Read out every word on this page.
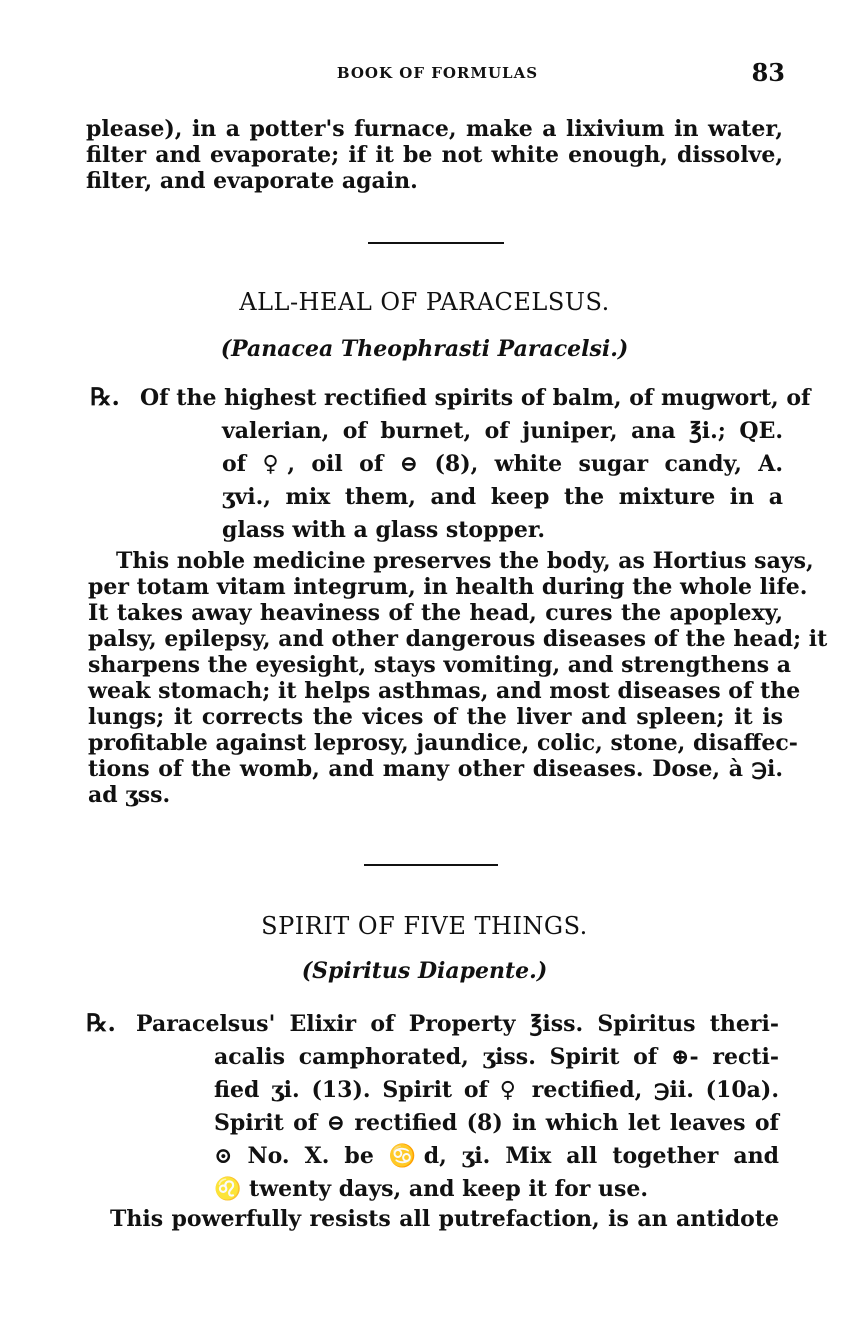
BOOK OF FORMULAS	83
please), in a potter's furnace, make a lixivium in water,
filter and evaporate; if it be not white enough, dissolve,
filter, and evaporate again.
ALL-HEAL OF PARACELSUS.
(Panacea Theophrasti Paracelsi.)
℞. Of the highest rectified spirits of balm, of mugwort, of
valerian, of burnet, of juniper, ana ℥i.; QE.
of ♀, oil of ⊖ (8), white sugar candy, A.
ʒvi., mix them, and keep the mixture in a
glass with a glass stopper.
This noble medicine preserves the body, as Hortius says,
per totam vitam integrum, in health during the whole life.
It takes away heaviness of the head, cures the apoplexy,
palsy, epilepsy, and other dangerous diseases of the head; it
sharpens the eyesight, stays vomiting, and strengthens a
weak stomach; it helps asthmas, and most diseases of the
lungs; it corrects the vices of the liver and spleen; it is
profitable against leprosy, jaundice, colic, stone, disaffec-
tions of the womb, and many other diseases. Dose, à ℈i.
ad ʒss.
SPIRIT OF FIVE THINGS.
(Spiritus Diapente.)
℞. Paracelsus' Elixir of Property ℥iss. Spiritus theri-
acalis camphorated, ʒiss. Spirit of ⊕- recti-
fied ʒi. (13). Spirit of ♀ rectified, ℈ii. (10a).
Spirit of ⊖ rectified (8) in which let leaves of
⊙ No. X. be ♋d, ʒi. Mix all together and
♌ twenty days, and keep it for use.
This powerfully resists all putrefaction, is an antidote
